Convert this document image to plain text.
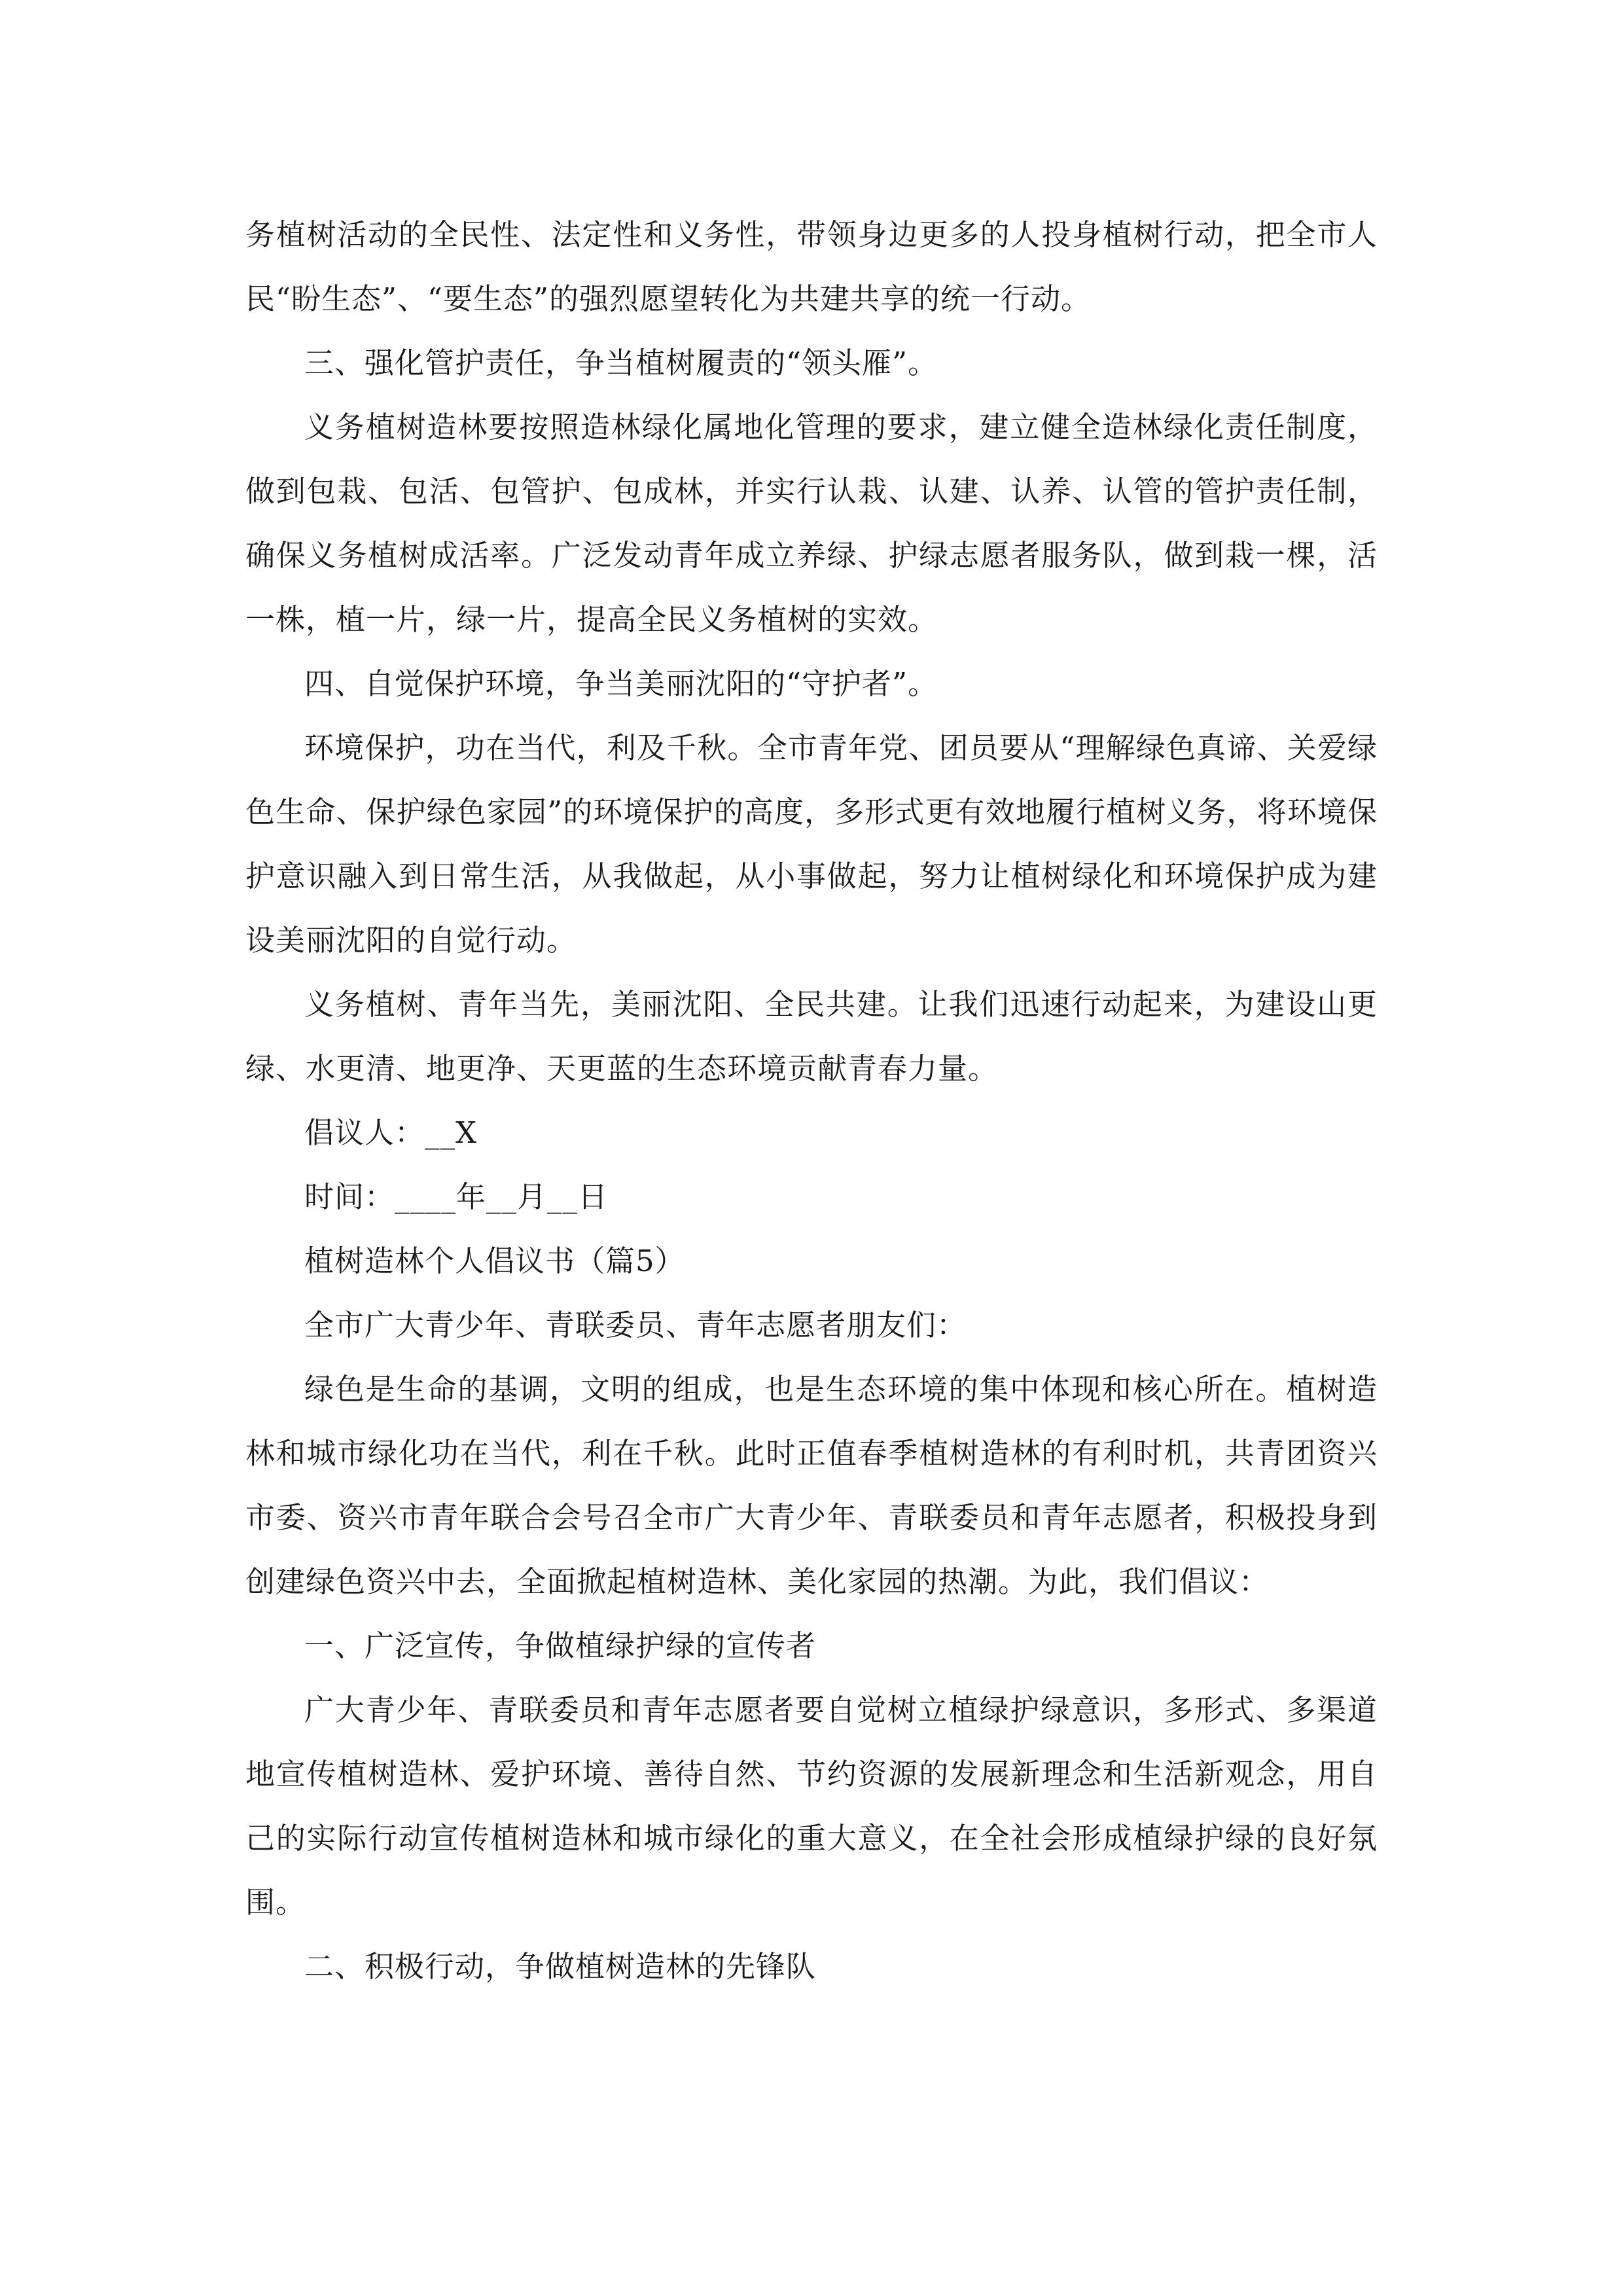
务植树活动的全民性、法定性和义务性，带领身边更多的人投身植树行动，把全市人民“盼生态”、“要生态”的强烈愿望转化为共建共享的统一行动。

三、强化管护责任，争当植树履责的“领头雁”。

义务植树造林要按照造林绿化属地化管理的要求，建立健全造林绿化责任制度，做到包栽、包活、包管护、包成林，并实行认栽、认建、认养、认管的管护责任制，确保义务植树成活率。广泛发动青年成立养绿、护绿志愿者服务队，做到栽一棵，活一株，植一片，绿一片，提高全民义务植树的实效。

四、自觉保护环境，争当美丽沈阳的“守护者”。

环境保护，功在当代，利及千秋。全市青年党、团员要从“理解绿色真谛、关爱绿色生命、保护绿色家园”的环境保护的高度，多形式更有效地履行植树义务，将环境保护意识融入到日常生活，从我做起，从小事做起，努力让植树绿化和环境保护成为建设美丽沈阳的自觉行动。

义务植树、青年当先，美丽沈阳、全民共建。让我们迅速行动起来，为建设山更绿、水更清、地更净、天更蓝的生态环境贡献青春力量。

倡议人：__X

时间：____年__月__日

植树造林个人倡议书（篇5）

全市广大青少年、青联委员、青年志愿者朋友们：

绿色是生命的基调，文明的组成，也是生态环境的集中体现和核心所在。植树造林和城市绿化功在当代，利在千秋。此时正值春季植树造林的有利时机，共青团资兴市委、资兴市青年联合会号召全市广大青少年、青联委员和青年志愿者，积极投身到创建绿色资兴中去，全面掀起植树造林、美化家园的热潮。为此，我们倡议：

一、广泛宣传，争做植绿护绿的宣传者

广大青少年、青联委员和青年志愿者要自觉树立植绿护绿意识，多形式、多渠道地宣传植树造林、爱护环境、善待自然、节约资源的发展新理念和生活新观念，用自己的实际行动宣传植树造林和城市绿化的重大意义，在全社会形成植绿护绿的良好氛围。

二、积极行动，争做植树造林的先锋队
